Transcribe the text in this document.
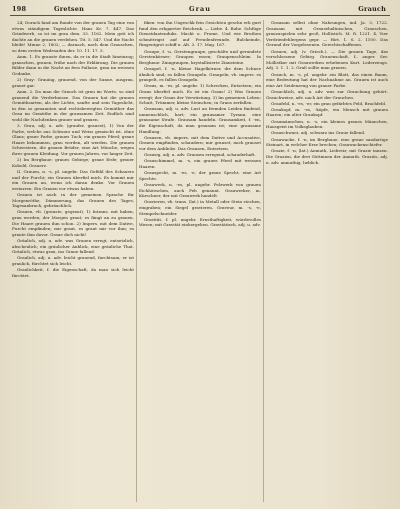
198	Gretsen	Grau	Grauch

24; Dorach fand am Rande von der grauen Tag eine von etwas ständigem Tageslichte. Hans Kr. 7. 447. Daz Grindwerb, so ist im grau dem. 33. 1162. Mein gott ich dachte an die grauen verdehen. Tit. 5. 547. Und die Nacht bleibt! Minne 2, 1802; — darnach, nach dem Grauschen, so dem ersten Wedesaden der. 10. 11. 17. 5.

Anm. 1. Es grauste ihnen, da er in die Stadt hineinzog; grauschen, grauen, frühe nach der Erklärung. Die grauen Bilder dann in die Nacht an fern Pallasie, grau im weissen Gedanke.

2) Gray: Grauing, grauend, von der Sunne, ausgrau, grauet gar.

Anm. 2. Da man die Grauch ist grau im Worte, so sind grauend die Verderbnisse. Das Grauen hat die grauen Gemüthsarten, als der Lichte, sanfte und sein Tageslicht, in den so genannten und rechtsbewegten Gemüther das Grau im Gemüthe in der grausamen Zeit. Endlich sind wohl die Nachdenken grauer und grauen.

3. Grau, adj. u. adv. (graufer, grauest), 1) Von der Farbe, welche aus Schwarz und Weiss gemischt ist, ohne Glanz; graue Farbe, graues Tuch; ein graues Pferd; graue Haare bekommen, grau werden, alt werden. Die grauen Schwestern, die grauen Brüder, eine Art Mönche, wegen ihrer grauen Kleidung. Vor grauen Jahren, vor langer Zeit.

2) Im Bergbaue: graues Gebirge; graue Erde; grauer Kobold, Grauerz.

II. Grauen, n. -s, pl. ungebr. Das Gefühl des Schauers und der Furcht; ein Grauen überfiel mich. Es kommt mir ein Grauen an, wenn ich daran denke. Vor Grauen erstarren. Ein Grauen vor etwas haben.

Grauen ist auch in der gemeinen Sprache für Morgenröthe, Dämmerung, das Grauen des Tages, Tagesanbruch, gebräuchlich.

Grauen, vb. (grauste, gegraut), 1) Intrans. mit haben, grau werden; der Morgen graut; es fängt an zu grauen. Die Haare grauen ihm schon. 2) Impers. mit dem Dative, Furcht empfinden; mir graut, es graut mir vor ihm; es graute ihm davor. Graue dich nicht!

Gräulich, adj. u. adv. was Grauen erregt, entsetzlich, abscheulich; ein gräulicher Anblick, eine gräuliche That. Gräulich, etwas grau, ins Graue fallend.

Graulich, adj. u. adv. leicht grauend, furchtsam; er ist graulich, fürchtet sich leicht.

Graulichkeit, f. die Eigenschaft, da man sich leicht fürchtet.

fiken: von ihn Ungeschk fein Gesichten geschn erh gurt fund den erhgarrter Reichenk. — Liebe. 4. Ruhe. Schfüge Dienstdaatenduks. Mackt u. Frome. Und wie Bruthen schmittrigst auf auf Freudenfreunde, Bulckeinde, Ringentgrot schiff u. Alt. 3. 17. Mag. 167.

Graupe, f. -n, Gerstengraupe, geschälte und gerundete Gerstenkörner; Graupen essen; Graupenschleim. In Bergbaue: Zinngraupen, krystallisierte Zinnsteine.

Graupel, f. -n, kleine Hagelkörner, die dem Schnee ähnlich sind; es fallen Graupeln. Graupeln, vb. impers. es graupelt, es fallen Graupeln.

Graus, m. -es, pl. ungebr. 1) Schrecken, Entsetzen; ein Graus überfiel mich. Es ist ein Graus! 2) Was Grauen erregt; der Graus der Verwüstung. 3) Im gemeinen Leben: Schutt, Trümmer, kleine Steinchen; in Graus zerfallen.

Grausam, adj. u. adv. Lust an fremden Leiden findend, unmenschlich, hart; ein grausamer Tyrann, eine grausame Strafe. Grausam handeln. Grausamkeit, f. -en, die Eigenschaft, da man grausam ist; eine grausame Handlung.

Grausen, vb. impers. mit dem Dative und Accusative, Grauen empfinden, schaudern; mir grauset, mich grauset vor dem Anblicke. Das Grausen, Entsetzen.

Grausig, adj. u. adv. Grausen erregend, schauderhaft.

Grauschimmel, m. -s, ein graues Pferd mit weissen Haaren.

Grauspecht, m. -es, -e, der graue Specht, eine Art Spechte.

Grauwerk, n. -es, pl. ungebr. Pelzwerk von grauen Eichhörnchen, auch Feh genannt. Grauwerker, m. Kürschner, der mit Grauwerk handelt.

Gravieren, vb. trans. (lat.) in Metall oder Stein stechen, eingraben; ein Siegel gravieren. Graveur, m. -s, -e, Stempelschneider.

Gravität, f. pl. ungebr. Ernsthaftigkeit, würdevolles Wesen; mit Gravität einhergehen. Gravitätisch, adj. u. adv.

Grausam selbst ohne Nahrungen, ind. Ja. 3, 1722. Grausam mit Grausehaltnischen, Grauschen, grauzuspielen sehr groß, Hollistich. M. R. 1221. 4, Vier Verdrienfehlergens gepr. — Hirt. 1. S. 2. 1100. Das Gerund der Vorgelesenen. Gerechtschaffenen.

Grauen, adj. (v. Griech.). — Die grauen Tage, das verschlossene Gebirg. Grauenschaft, f., anger. Ser. Mollistkor mit Grauwerken erhebenen Kurt. Lederzeugs. Adj. 3. 1. 1. 2. Gruß sollte man grauen.

Grauch, m. -s, pl. ungebr. ein Blatt, das einen Baum, eine Bedeutung hat der Nachnahme an. Grauen ist auch eine Art Seidenzeug von grauer Farbe.

Grauchlich, adj. u. adv. was zur Grauchung gehört. Grauchweise, adv. nach Art der Grauchen.

Graufeld, n. -es, -er, ein grau gefärbtes Feld, Brachfeld.

Graukopf, m. -es, -köpfe, ein Mensch mit grauen Haaren; ein alter Graukopf.

Graumännchen, n. -s, ein kleines graues Männchen, Hausgeist im Volksglauben.

Grauschwarz, adj. schwarz ins Graue fallend.

Grauwacke, f. -n, im Bergbaue, eine graue sandartige Steinart, in welcher Erze brechen; Grauwackenschiefer.

Grazie, f. -n, (lat.) Anmuth, Liebreiz; mit Grazie tanzen. Die Grazien, die drei Göttinnen der Anmuth. Graziös, adj. u. adv. anmuthig, lieblich.
